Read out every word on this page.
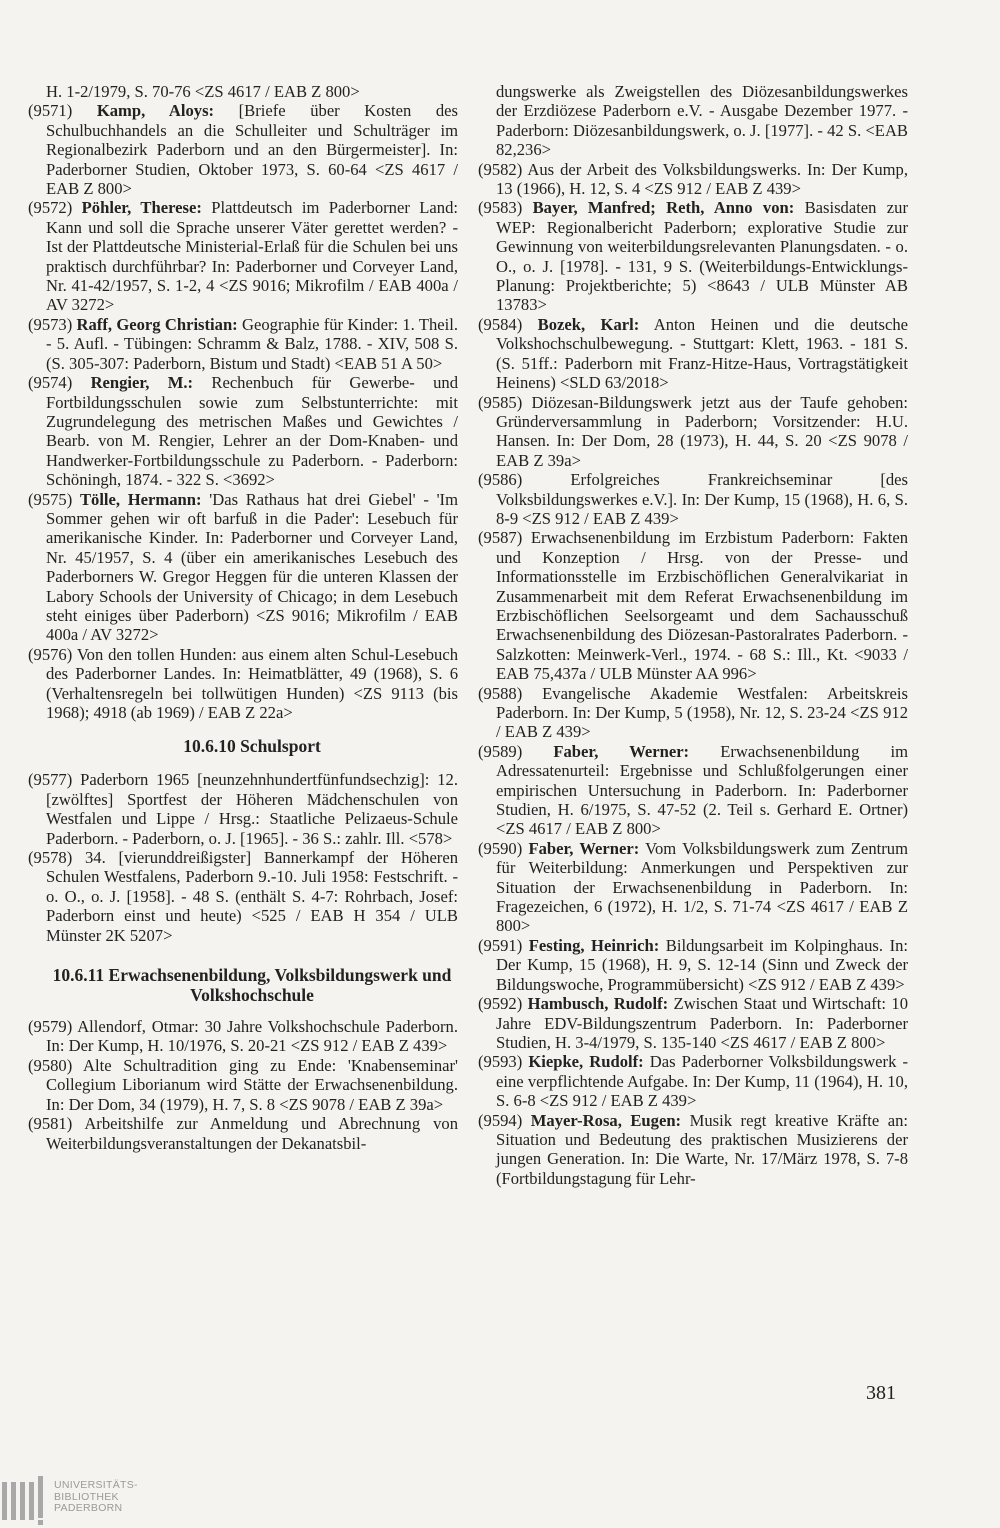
H. 1-2/1979, S. 70-76 <ZS 4617 / EAB Z 800>

(9571) Kamp, Aloys: [Briefe über Kosten des Schulbuchhandels an die Schulleiter und Schulträger im Regionalbezirk Paderborn und an den Bürgermeister]. In: Paderborner Studien, Oktober 1973, S. 60-64 <ZS 4617 / EAB Z 800>

(9572) Pöhler, Therese: Plattdeutsch im Paderborner Land: Kann und soll die Sprache unserer Väter gerettet werden? - Ist der Plattdeutsche Ministerial-Erlaß für die Schulen bei uns praktisch durchführbar? In: Paderborner und Corveyer Land, Nr. 41-42/1957, S. 1-2, 4 <ZS 9016; Mikrofilm / EAB 400a / AV 3272>

(9573) Raff, Georg Christian: Geographie für Kinder: 1. Theil. - 5. Aufl. - Tübingen: Schramm & Balz, 1788. - XIV, 508 S. (S. 305-307: Paderborn, Bistum und Stadt) <EAB 51 A 50>

(9574) Rengier, M.: Rechenbuch für Gewerbe- und Fortbildungsschulen sowie zum Selbstunterrichte: mit Zugrundelegung des metrischen Maßes und Gewichtes / Bearb. von M. Rengier, Lehrer an der Dom-Knaben- und Handwerker-Fortbildungsschule zu Paderborn. - Paderborn: Schöningh, 1874. - 322 S. <3692>

(9575) Tölle, Hermann: 'Das Rathaus hat drei Giebel' - 'Im Sommer gehen wir oft barfuß in die Pader': Lesebuch für amerikanische Kinder. In: Paderborner und Corveyer Land, Nr. 45/1957, S. 4 (über ein amerikanisches Lesebuch des Paderborners W. Gregor Heggen für die unteren Klassen der Labory Schools der University of Chicago; in dem Lesebuch steht einiges über Paderborn) <ZS 9016; Mikrofilm / EAB 400a / AV 3272>

(9576) Von den tollen Hunden: aus einem alten Schul-Lesebuch des Paderborner Landes. In: Heimatblätter, 49 (1968), S. 6 (Verhaltensregeln bei tollwütigen Hunden) <ZS 9113 (bis 1968); 4918 (ab 1969) / EAB Z 22a>

10.6.10 Schulsport

(9577) Paderborn 1965 [neunzehnhundertfünfundsechzig]: 12. [zwölftes] Sportfest der Höheren Mädchenschulen von Westfalen und Lippe / Hrsg.: Staatliche Pelizaeus-Schule Paderborn. - Paderborn, o. J. [1965]. - 36 S.: zahlr. Ill. <578>

(9578) 34. [vierunddreißigster] Bannerkampf der Höheren Schulen Westfalens, Paderborn 9.-10. Juli 1958: Festschrift. - o. O., o. J. [1958]. - 48 S. (enthält S. 4-7: Rohrbach, Josef: Paderborn einst und heute) <525 / EAB H 354 / ULB Münster 2K 5207>

10.6.11 Erwachsenenbildung, Volksbildungswerk und Volkshochschule

(9579) Allendorf, Otmar: 30 Jahre Volkshochschule Paderborn. In: Der Kump, H. 10/1976, S. 20-21 <ZS 912 / EAB Z 439>

(9580) Alte Schultradition ging zu Ende: 'Knabenseminar' Collegium Liborianum wird Stätte der Erwachsenenbildung. In: Der Dom, 34 (1979), H. 7, S. 8 <ZS 9078 / EAB Z 39a>

(9581) Arbeitshilfe zur Anmeldung und Abrechnung von Weiterbildungsveranstaltungen der Dekanatsbil-

dungswerke als Zweigstellen des Diözesanbildungswerkes der Erzdiözese Paderborn e.V. - Ausgabe Dezember 1977. - Paderborn: Diözesanbildungswerk, o. J. [1977]. - 42 S. <EAB 82,236>

(9582) Aus der Arbeit des Volksbildungswerks. In: Der Kump, 13 (1966), H. 12, S. 4 <ZS 912 / EAB Z 439>

(9583) Bayer, Manfred; Reth, Anno von: Basisdaten zur WEP: Regionalbericht Paderborn; explorative Studie zur Gewinnung von weiterbildungsrelevanten Planungsdaten. - o. O., o. J. [1978]. - 131, 9 S. (Weiterbildungs-Entwicklungs-Planung: Projektberichte; 5) <8643 / ULB Münster AB 13783>

(9584) Bozek, Karl: Anton Heinen und die deutsche Volkshochschulbewegung. - Stuttgart: Klett, 1963. - 181 S. (S. 51ff.: Paderborn mit Franz-Hitze-Haus, Vortragstätigkeit Heinens) <SLD 63/2018>

(9585) Diözesan-Bildungswerk jetzt aus der Taufe gehoben: Gründerversammlung in Paderborn; Vorsitzender: H.U. Hansen. In: Der Dom, 28 (1973), H. 44, S. 20 <ZS 9078 / EAB Z 39a>

(9586) Erfolgreiches Frankreichseminar [des Volksbildungswerkes e.V.]. In: Der Kump, 15 (1968), H. 6, S. 8-9 <ZS 912 / EAB Z 439>

(9587) Erwachsenenbildung im Erzbistum Paderborn: Fakten und Konzeption / Hrsg. von der Presse- und Informationsstelle im Erzbischöflichen Generalvikariat in Zusammenarbeit mit dem Referat Erwachsenenbildung im Erzbischöflichen Seelsorgeamt und dem Sachausschuß Erwachsenenbildung des Diözesan-Pastoralrates Paderborn. - Salzkotten: Meinwerk-Verl., 1974. - 68 S.: Ill., Kt. <9033 / EAB 75,437a / ULB Münster AA 996>

(9588) Evangelische Akademie Westfalen: Arbeitskreis Paderborn. In: Der Kump, 5 (1958), Nr. 12, S. 23-24 <ZS 912 / EAB Z 439>

(9589) Faber, Werner: Erwachsenenbildung im Adressatenurteil: Ergebnisse und Schlußfolgerungen einer empirischen Untersuchung in Paderborn. In: Paderborner Studien, H. 6/1975, S. 47-52 (2. Teil s. Gerhard E. Ortner) <ZS 4617 / EAB Z 800>

(9590) Faber, Werner: Vom Volksbildungswerk zum Zentrum für Weiterbildung: Anmerkungen und Perspektiven zur Situation der Erwachsenenbildung in Paderborn. In: Fragezeichen, 6 (1972), H. 1/2, S. 71-74 <ZS 4617 / EAB Z 800>

(9591) Festing, Heinrich: Bildungsarbeit im Kolpinghaus. In: Der Kump, 15 (1968), H. 9, S. 12-14 (Sinn und Zweck der Bildungswoche, Programmübersicht) <ZS 912 / EAB Z 439>

(9592) Hambusch, Rudolf: Zwischen Staat und Wirtschaft: 10 Jahre EDV-Bildungszentrum Paderborn. In: Paderborner Studien, H. 3-4/1979, S. 135-140 <ZS 4617 / EAB Z 800>

(9593) Kiepke, Rudolf: Das Paderborner Volksbildungswerk - eine verpflichtende Aufgabe. In: Der Kump, 11 (1964), H. 10, S. 6-8 <ZS 912 / EAB Z 439>

(9594) Mayer-Rosa, Eugen: Musik regt kreative Kräfte an: Situation und Bedeutung des praktischen Musizierens der jungen Generation. In: Die Warte, Nr. 17/März 1978, S. 7-8 (Fortbildungstagung für Lehr-

381
UNIVERSITÄTS-
BIBLIOTHEK
PADERBORN
